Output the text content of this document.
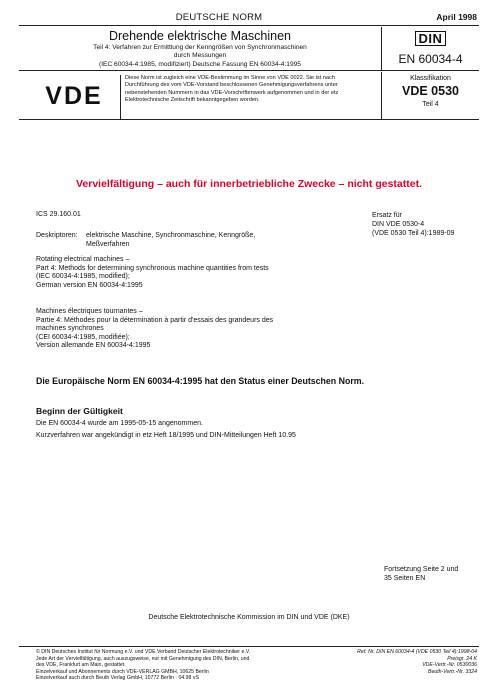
DEUTSCHE NORM	April 1998
Drehende elektrische Maschinen
Teil 4: Verfahren zur Ermittlung der Kenngrößen von Synchronmaschinen
durch Messungen
(IEC 60034-4:1985, modifiziert) Deutsche Fassung EN 60034-4:1995
DIN
EN 60034-4
VDE
Diese Norm ist zugleich eine VDE-Bestimmung im Sinne von VDE 0022. Sie ist nach
Durchführung des vom VDE-Vorstand beschlossenen Genehmigungsverfahrens unter
nebenstehenden Nummern in das VDE-Vorschriftenwerk aufgenommen und in der etz
Elektrotechnische Zeitschrift bekanntgegeben worden.
Klassifikation
VDE 0530
Teil 4
Vervielfältigung – auch für innerbetriebliche Zwecke – nicht gestattet.
ICS 29.160.01	Ersatz für
DIN VDE 0530-4
(VDE 0530 Teil 4):1989-09
Deskriptoren: elektrische Maschine, Synchronmaschine, Kenngröße,
Meßverfahren
Rotating electrical machines –
Part 4: Methods for determining synchronous machine quantities from tests
(IEC 60034-4:1985, modified);
German version EN 60034-4:1995
Machines électriques tournantes –
Partie 4: Méthodes pour la détermination à partir d'essais des grandeurs des
machines synchrones
(CEI 60034-4:1985, modifiée);
Version allemande EN 60034-4:1995
Die Europäische Norm EN 60034-4:1995 hat den Status einer Deutschen Norm.
Beginn der Gültigkeit
Die EN 60034-4 wurde am 1995-05-15 angenommen.
Kurzverfahren war angekündigt in etz Heft 18/1995 und DIN-Mitteilungen Heft 10.95
Fortsetzung Seite 2 und
35 Seiten EN
Deutsche Elektrotechnische Kommission im DIN und VDE (DKE)
© DIN Deutsches Institut für Normung e.V. und VDE Verband Deutscher Elektrotechniker e.V.
Jede Art der Vervielfältigung, auch auszugsweise, nur mit Genehmigung des DIN, Berlin, und
des VDE, Frankfurt am Main, gestattet.
Einzelverkauf und Abonnements durch VDE-VERLAG GMBH, 10625 Berlin
Einzelverkauf auch durch Beuth Verlag GmbH, 10772 Berlin · 04.98 vS
Ref. Nr. DIN EN 60034-4 (VDE 0530 Teil 4):1998-04
Preisgr. 24 K
VDE-Vertr.-Nr. 0530036
Beuth-Vertr.-Nr. 3324
